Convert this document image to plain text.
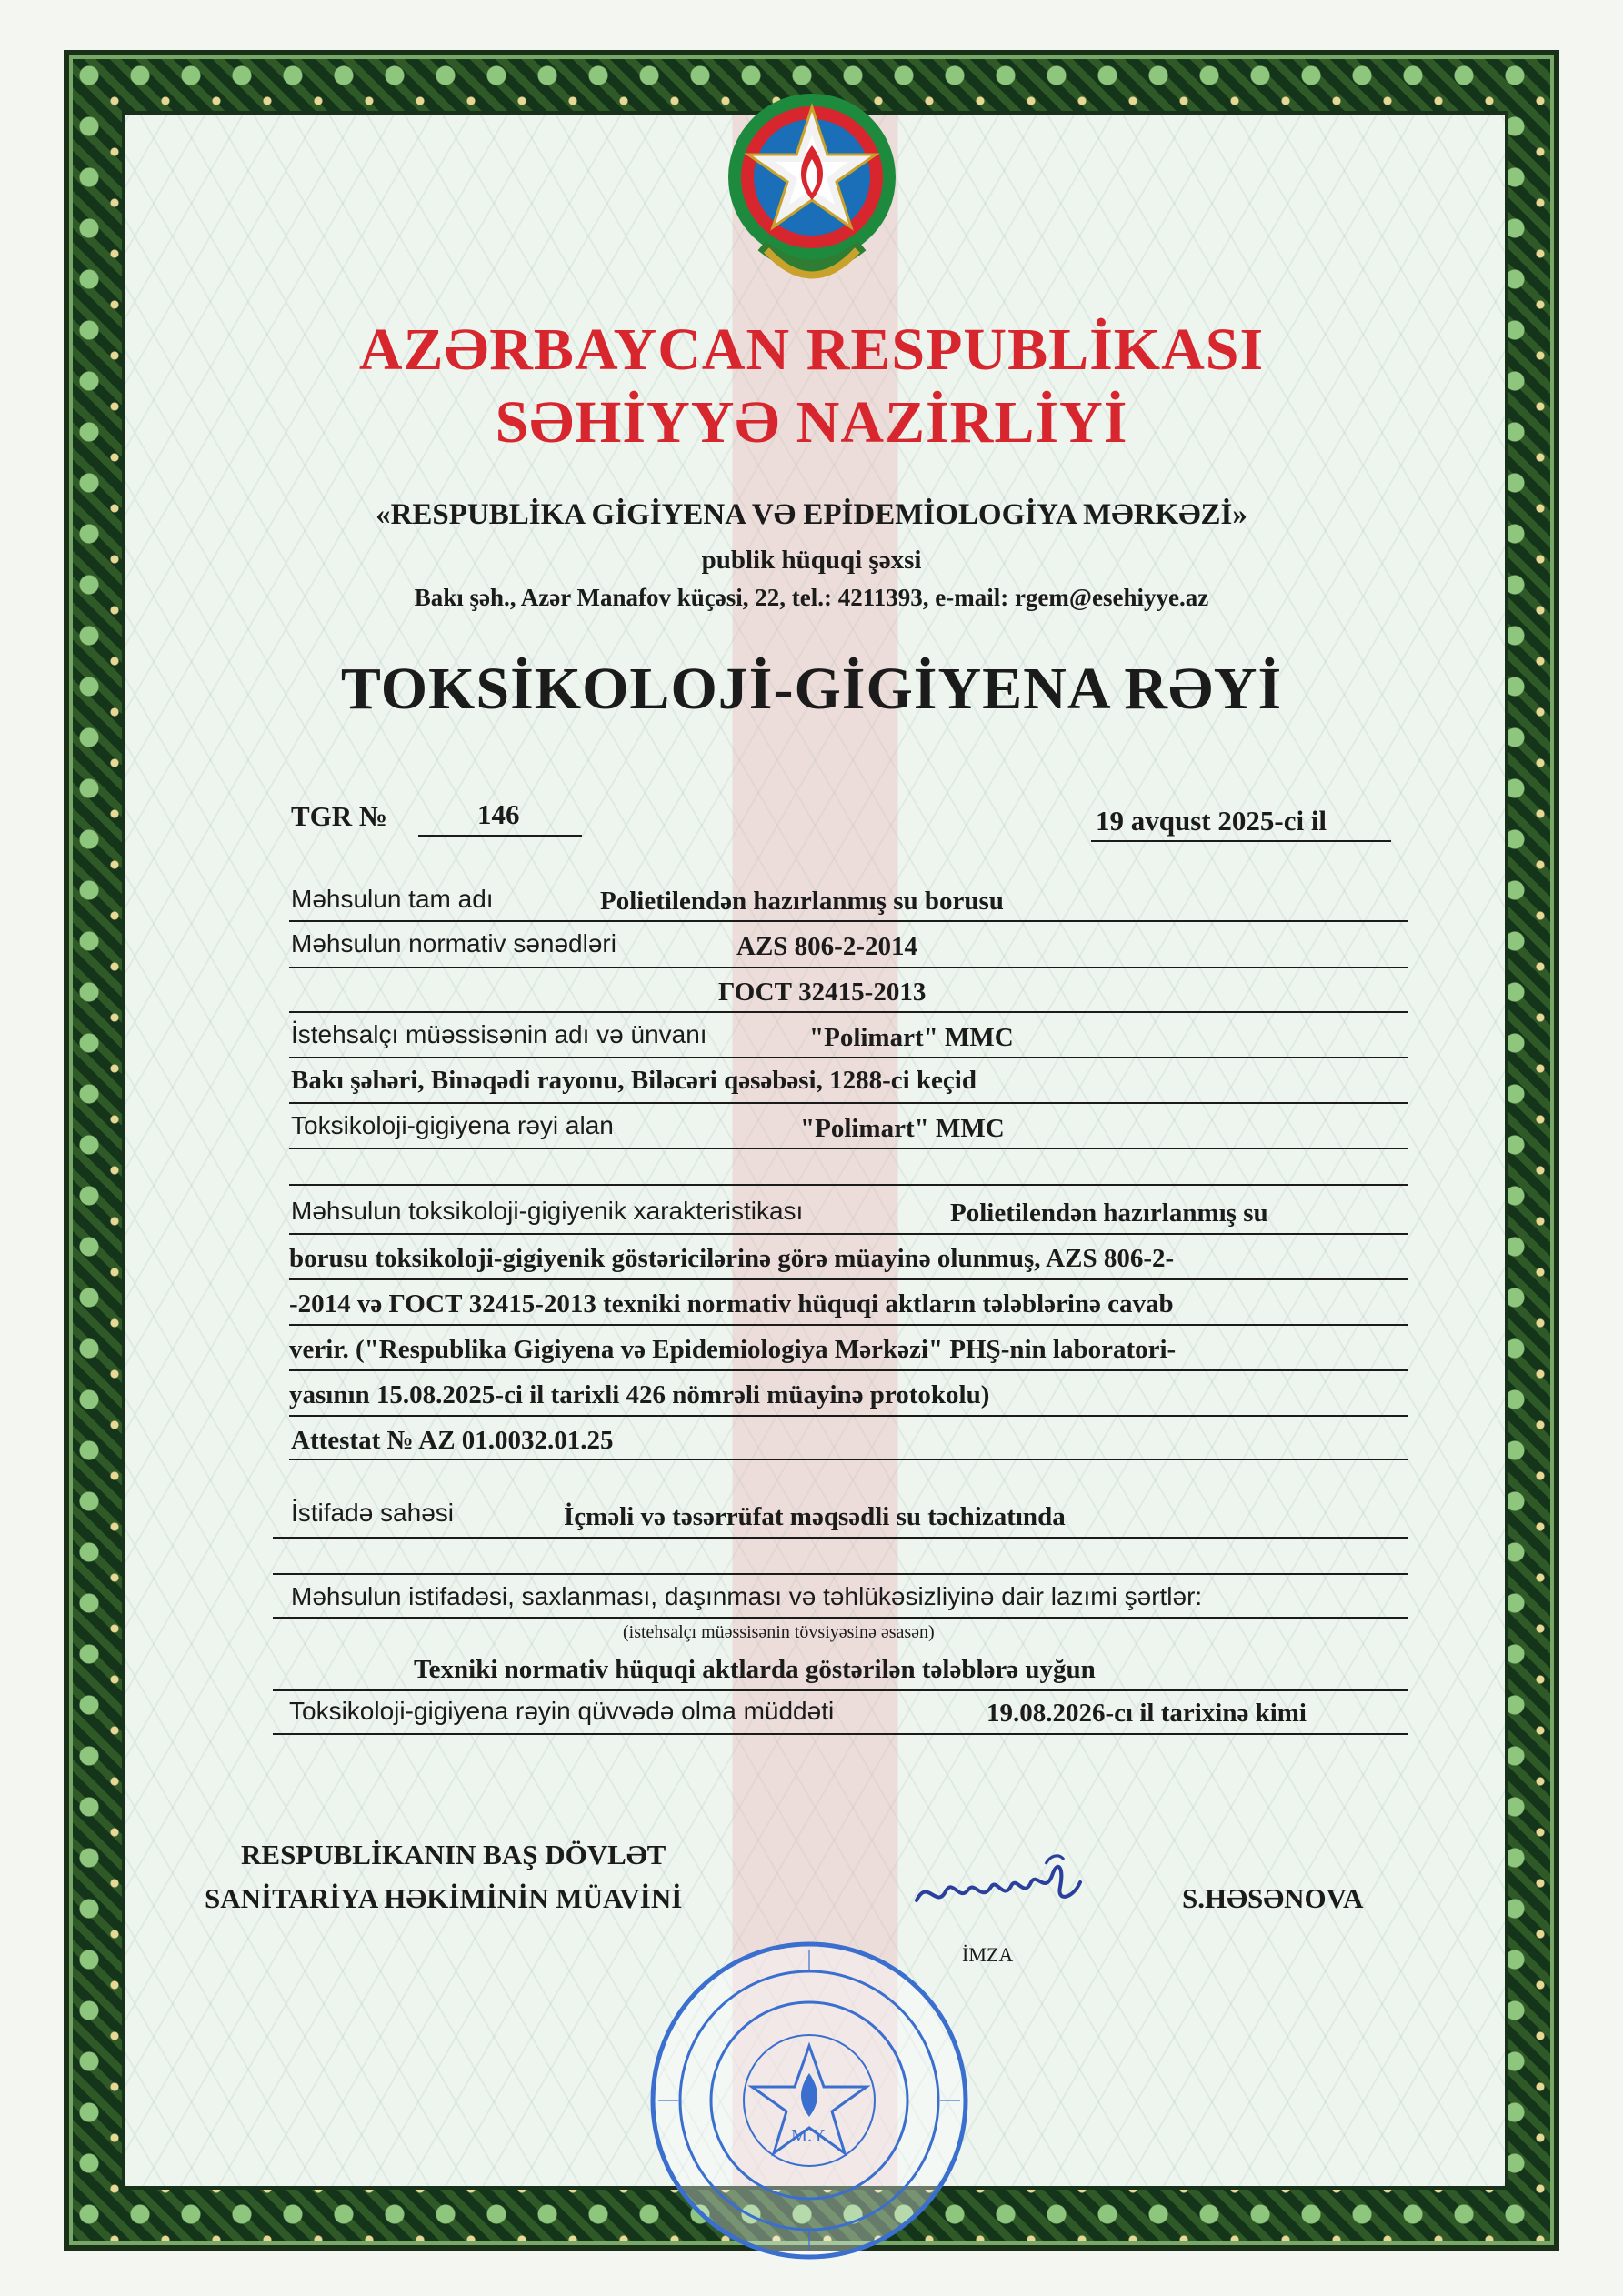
AZƏRBAYCAN RESPUBLİKASI
SƏHİYYƏ NAZİRLİYİ
«RESPUBLİKA GİGİYENA VƏ EPİDEMİOLOGİYA MƏRKƏZİ»
publik hüquqi şəxsi
Bakı şəh., Azər Manafov küçəsi, 22, tel.: 4211393, e-mail: rgem@esehiyye.az
TOKSİKOLOJİ-GİGİYENA RƏYİ
TGR №	146	19 avqust 2025-ci il
Məhsulun tam adı	Polietilendən hazırlanmış su borusu
Məhsulun normativ sənədləri	AZS 806-2-2014
ГОСТ 32415-2013
İstehsalçı müəssisənin adı və ünvanı	"Polimart" MMC
Bakı şəhəri, Binəqədi rayonu, Biləcəri qəsəbəsi, 1288-ci keçid
Toksikoloji-gigiyena rəyi alan	"Polimart" MMC
Məhsulun toksikoloji-gigiyenik xarakteristikası	Polietilendən hazırlanmış su
borusu toksikoloji-gigiyenik göstəricilərinə görə müayinə olunmuş, AZS 806-2-
-2014 və ГОСТ 32415-2013 texniki normativ hüquqi aktların tələblərinə cavab
verir. ("Respublika Gigiyena və Epidemiologiya Mərkəzi" PHŞ-nin laboratori-
yasının 15.08.2025-ci il tarixli 426 nömrəli müayinə protokolu)
Attestat № AZ 01.0032.01.25
İstifadə sahəsi	İçməli və təsərrüfat məqsədli su təchizatında
Məhsulun istifadəsi, saxlanması, daşınması və təhlükəsizliyinə dair lazımi şərtlər:
(istehsalçı müəssisənin tövsiyəsinə əsasən)
Texniki normativ hüquqi aktlarda göstərilən tələblərə uyğun
Toksikoloji-gigiyena rəyin qüvvədə olma müddəti	19.08.2026-cı il tarixinə kimi
RESPUBLİKANIN BAŞ DÖVLƏT
SANİTARİYA HƏKİMİNİN MÜAVİNİ	S.HƏSƏNOVA
İMZA
M.Y.
